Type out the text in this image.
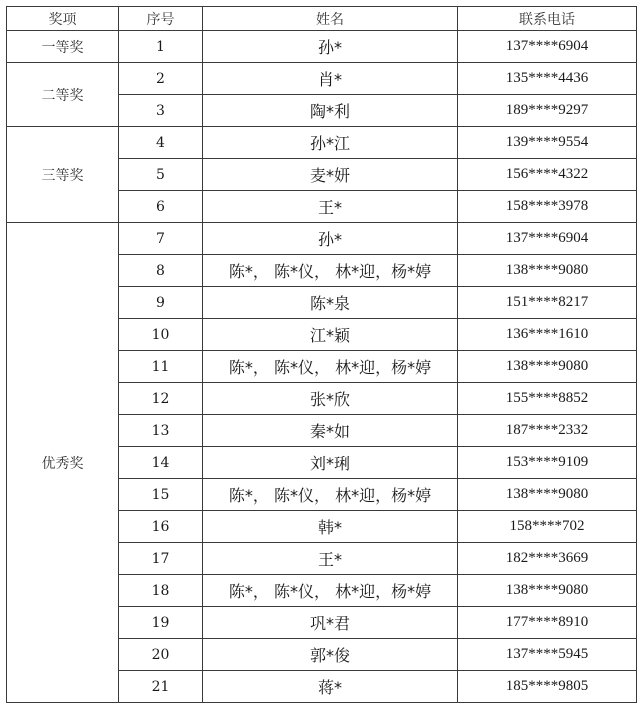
奖项	序号	姓名	联系电话
一等奖	1	孙*	137****6904
二等奖	2	肖*	135****4436
	3	陶*利	189****9297
三等奖	4	孙*江	139****9554
	5	麦*妍	156****4322
	6	王*	158****3978
优秀奖	7	孙*	137****6904
	8	陈*， 陈*仪， 林*迎，杨*婷	138****9080
	9	陈*泉	151****8217
	10	江*颖	136****1610
	11	陈*， 陈*仪， 林*迎，杨*婷	138****9080
	12	张*欣	155****8852
	13	秦*如	187****2332
	14	刘*琍	153****9109
	15	陈*， 陈*仪， 林*迎，杨*婷	138****9080
	16	韩*	158****702
	17	王*	182****3669
	18	陈*， 陈*仪， 林*迎，杨*婷	138****9080
	19	巩*君	177****8910
	20	郭*俊	137****5945
	21	蒋*	185****9805
